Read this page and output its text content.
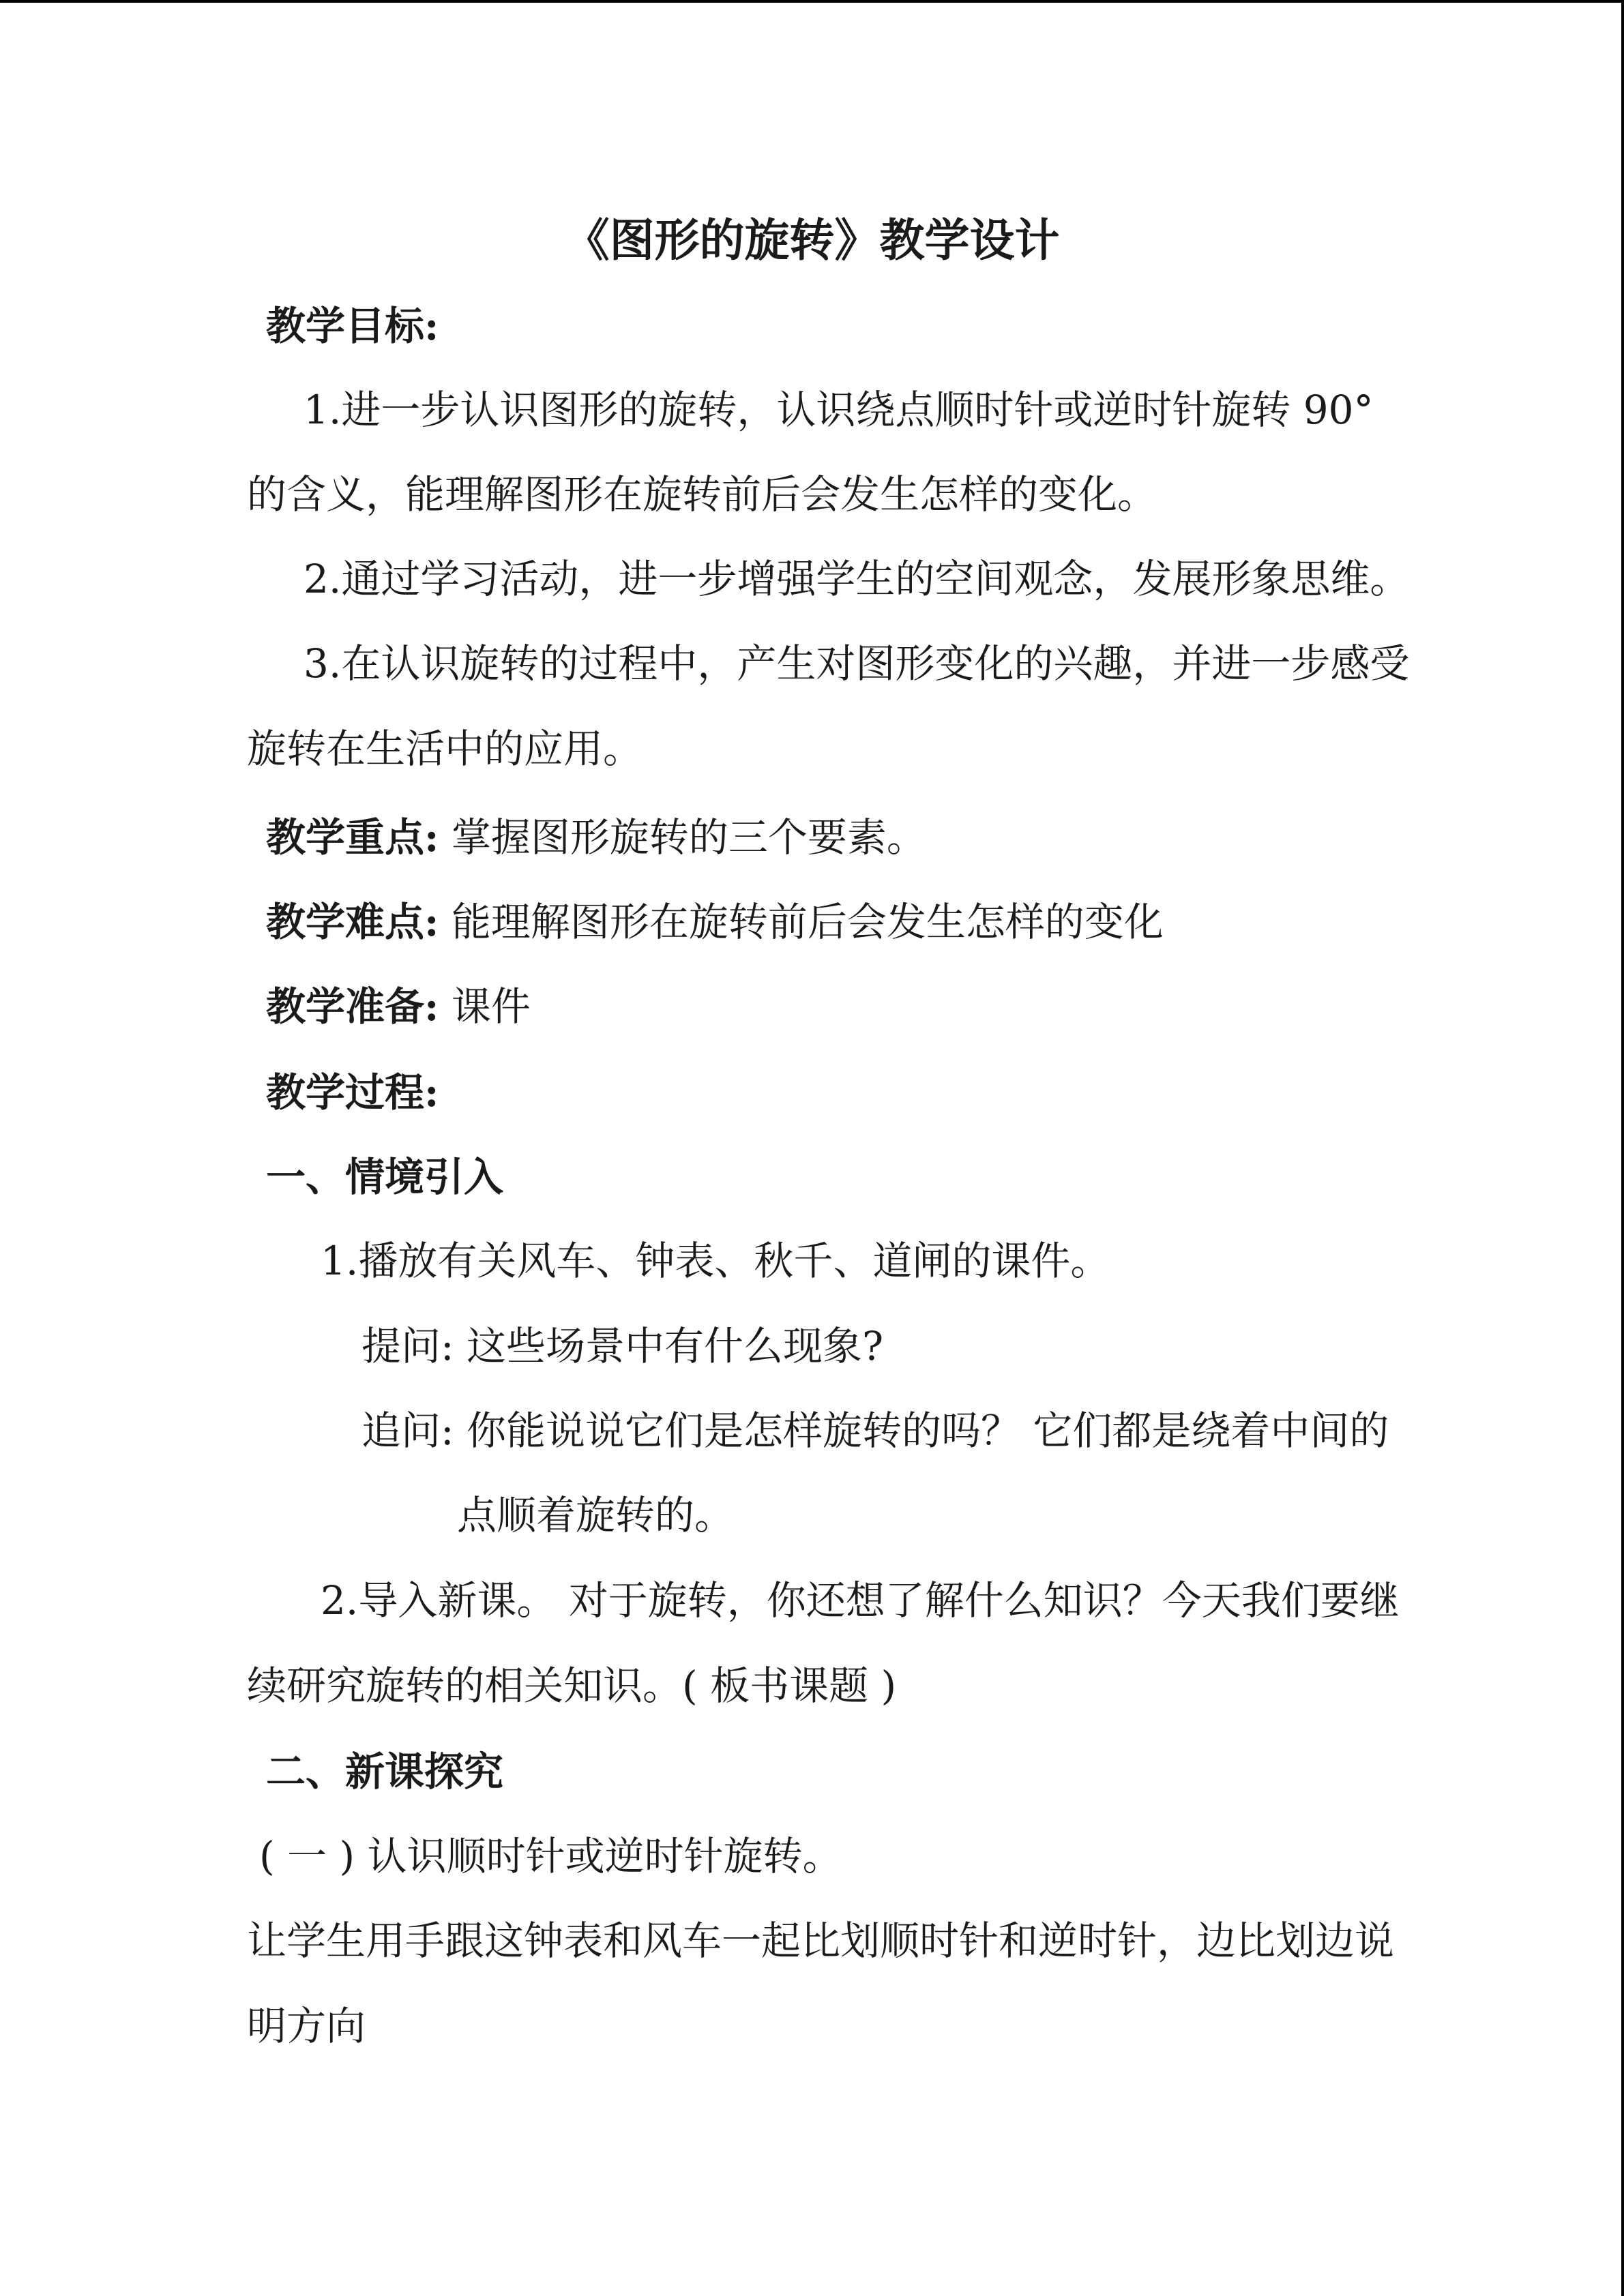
《图形的旋转》教学设计
教学目标:
1.进一步认识图形的旋转，认识绕点顺时针或逆时针旋转 90°
的含义，能理解图形在旋转前后会发生怎样的变化。
2.通过学习活动，进一步增强学生的空间观念，发展形象思维。
3.在认识旋转的过程中，产生对图形变化的兴趣，并进一步感受
旋转在生活中的应用。
教学重点: 掌握图形旋转的三个要素。
教学难点: 能理解图形在旋转前后会发生怎样的变化
教学准备: 课件
教学过程:
一、情境引入
1.播放有关风车、钟表、秋千、道闸的课件。
提问: 这些场景中有什么现象?
追问: 你能说说它们是怎样旋转的吗？ 它们都是绕着中间的
点顺着旋转的。
2.导入新课。 对于旋转，你还想了解什么知识？今天我们要继
续研究旋转的相关知识。( 板书课题 )
二、新课探究
( 一 ) 认识顺时针或逆时针旋转。
让学生用手跟这钟表和风车一起比划顺时针和逆时针，边比划边说
明方向
